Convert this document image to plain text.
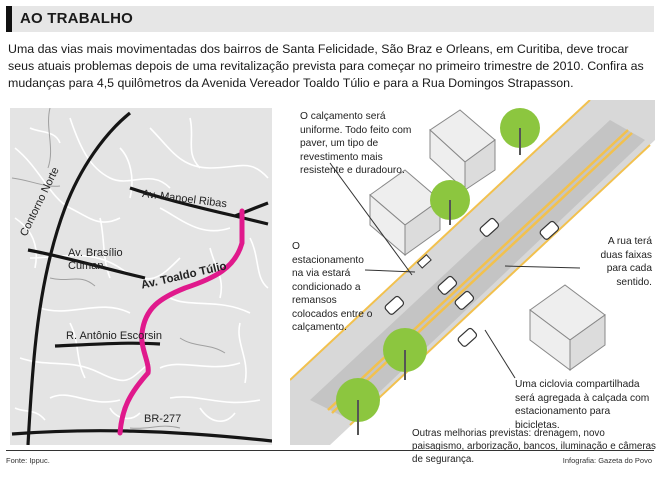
AO TRABALHO
Uma das vias mais movimentadas dos bairros de Santa Felicidade, São Braz e Orleans, em Curitiba, deve trocar seus atuais problemas depois de uma revitalização prevista para começar no primeiro trimestre de 2010. Confira as mudanças para 4,5 quilômetros da Avenida Vereador Toaldo Túlio e para a Rua Domingos Strapasson.
Contorno Norte	Av. Manoel Ribas
Av. Brasílio
Cuman	Av. Toaldo Túlio
R. Antônio Escorsin
BR-277
O calçamento será uniforme. Todo feito com paver, um tipo de revestimento mais resistente e duradouro.
O estacionamento na via estará condicionado a remansos colocados entre o calçamento.
A rua terá duas faixas para cada sentido.
Uma ciclovia compartilhada será agregada à calçada com estacionamento para bicicletas.
Outras melhorias previstas: drenagem, novo paisagismo, arborização, bancos, iluminação e câmeras de segurança.
Fonte: Ippuc.	Infografia: Gazeta do Povo
